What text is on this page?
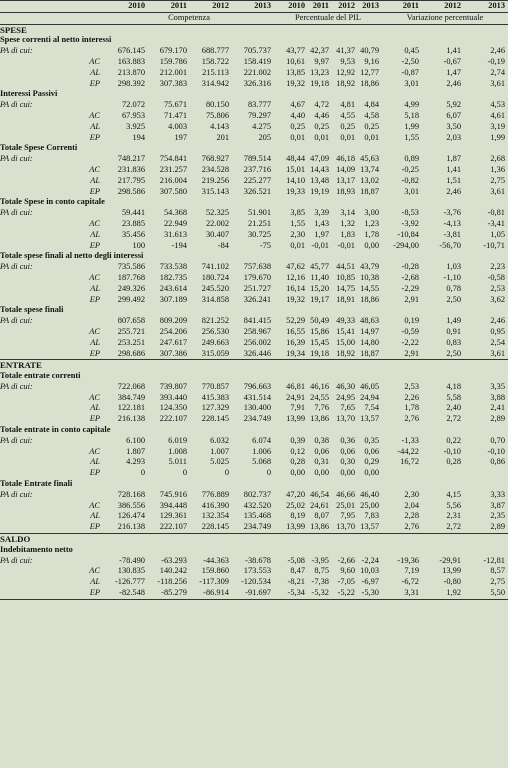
	2010	2011	2012	2013	2010	2011	2012	2013	2011	2012	2013
	Competenza				Percentuale del PIL				Variazione percentuale		
SPESE											
Spese correnti al netto interessi											
PA di cui:	676.145	679.170	688.777	705.737	43,77	42,37	41,37	40,79	0,45	1,41	2,46
AC	163.883	159.786	158.722	158.419	10,61	9,97	9,53	9,16	-2,50	-0,67	-0,19
AL	213.870	212.001	215.113	221.002	13,85	13,23	12,92	12,77	-0,87	1,47	2,74
EP	298.392	307.383	314.942	326.316	19,32	19,18	18,92	18,86	3,01	2,46	3,61
Interessi Passivi											
PA di cui:	72.072	75.671	80.150	83.777	4,67	4,72	4,81	4,84	4,99	5,92	4,53
AC	67.953	71.471	75.806	79.297	4,40	4,46	4,55	4,58	5,18	6,07	4,61
AL	3.925	4.003	4.143	4.275	0,25	0,25	0,25	0,25	1,99	3,50	3,19
EP	194	197	201	205	0,01	0,01	0,01	0,01	1,55	2,03	1,99
Totale Spese Correnti											
PA di cui:	748.217	754.841	768.927	789.514	48,44	47,09	46,18	45,63	0,89	1,87	2,68
AC	231.836	231.257	234.528	237.716	15,01	14,43	14,09	13,74	-0,25	1,41	1,36
AL	217.795	216.004	219.256	225.277	14,10	13,48	13,17	13,02	-0,82	1,51	2,75
EP	298.586	307.580	315.143	326.521	19,33	19,19	18,93	18,87	3,01	2,46	3,61
Totale Spese in conto capitale											
PA di cui:	59.441	54.368	52.325	51.901	3,85	3,39	3,14	3,00	-8,53	-3,76	-0,81
AC	23.885	22.949	22.002	21.251	1,55	1,43	1,32	1,23	-3,92	-4,13	-3,41
AL	35.456	31.613	30.407	30.725	2,30	1,97	1,83	1,78	-10,84	-3,81	1,05
EP	100	-194	-84	-75	0,01	-0,01	-0,01	0,00	-294,00	-56,70	-10,71
Totale spese finali al netto degli interessi											
PA di cui:	735.586	733.538	741.102	757.638	47,62	45,77	44,51	43,79	-0,28	1,03	2,23
AC	187.768	182.735	180.724	179.670	12,16	11,40	10,85	10,38	-2,68	-1,10	-0,58
AL	249.326	243.614	245.520	251.727	16,14	15,20	14,75	14,55	-2,29	0,78	2,53
EP	299.492	307.189	314.858	326.241	19,32	19,17	18,91	18,86	2,91	2,50	3,62
Totale spese finali											
PA di cui:	807.658	809.209	821.252	841.415	52,29	50,49	49,33	48,63	0,19	1,49	2,46
AC	255.721	254.206	256.530	258.967	16,55	15,86	15,41	14,97	-0,59	0,91	0,95
AL	253.251	247.617	249.663	256.002	16,39	15,45	15,00	14,80	-2,22	0,83	2,54
EP	298.686	307.386	315.059	326.446	19,34	19,18	18,92	18,87	2,91	2,50	3,61
ENTRATE											
Totale entrate correnti											
PA di cui:	722.068	739.807	770.857	796.663	46,81	46,16	46,30	46,05	2,53	4,18	3,35
AC	384.749	393.440	415.383	431.514	24,91	24,55	24,95	24,94	2,26	5,58	3,88
AL	122.181	124.350	127.329	130.400	7,91	7,76	7,65	7,54	1,78	2,40	2,41
EP	216.138	222.107	228.145	234.749	13,99	13,86	13,70	13,57	2,76	2,72	2,89
Totale entrate in conto capitale											
PA di cui:	6.100	6.019	6.032	6.074	0,39	0,38	0,36	0,35	-1,33	0,22	0,70
AC	1.807	1.008	1.007	1.006	0,12	0,06	0,06	0,06	-44,22	-0,10	-0,10
AL	4.293	5.011	5.025	5.068	0,28	0,31	0,30	0,29	16,72	0,28	0,86
EP	0	0	0	0	0,00	0,00	0,00	0,00			
Totale Entrate finali											
PA di cui:	728.168	745.916	776.889	802.737	47,20	46,54	46,66	46,40	2,30	4,15	3,33
AC	386.556	394.448	416.390	432.520	25,02	24,61	25,01	25,00	2,04	5,56	3,87
AL	126.474	129.361	132.354	135.468	8,19	8,07	7,95	7,83	2,28	2,31	2,35
EP	216.138	222.107	228.145	234.749	13,99	13,86	13,70	13,57	2,76	2,72	2,89
SALDO											
Indebitamento netto											
PA di cui:	-78.490	-63.293	-44.363	-38.678	-5,08	-3,95	-2,66	-2,24	-19,36	-29,91	-12,81
AC	130.835	140.242	159.860	173.553	8,47	8,75	9,60	10,03	7,19	13,99	8,57
AL	-126.777	-118.256	-117.309	-120.534	-8,21	-7,38	-7,05	-6,97	-6,72	-0,80	2,75
EP	-82.548	-85.279	-86.914	-91.697	-5,34	-5,32	-5,22	-5,30	3,31	1,92	5,50
